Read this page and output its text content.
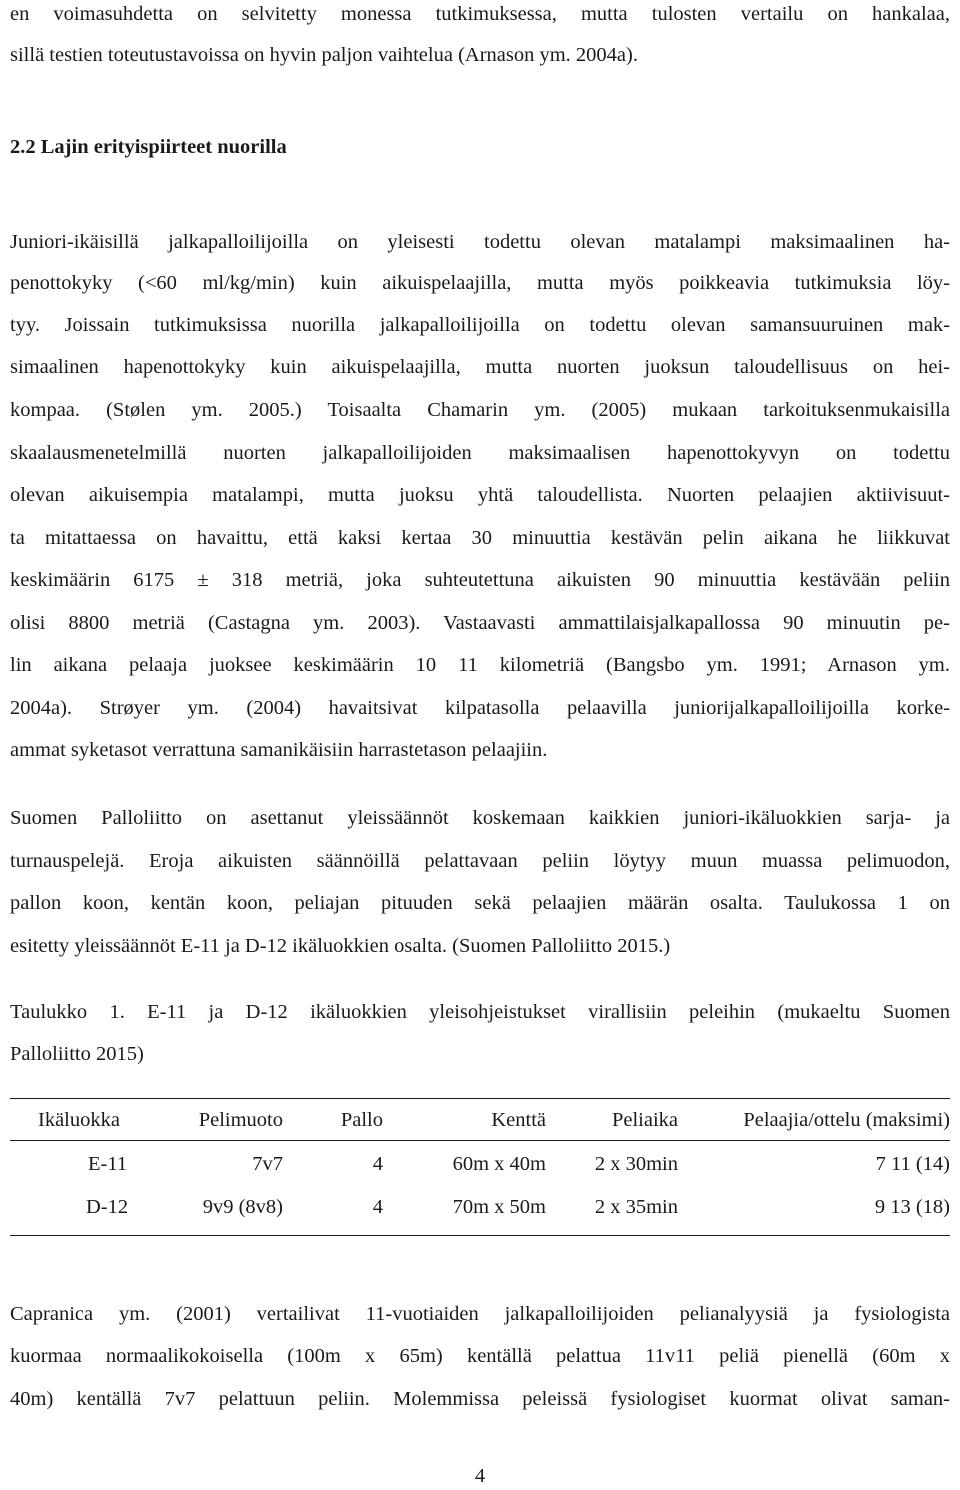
en voimasuhdetta on selvitetty monessa tutkimuksessa, mutta tulosten vertailu on hankalaa,
sillä testien toteutustavoissa on hyvin paljon vaihtelua (Arnason ym. 2004a).
2.2 Lajin erityispiirteet nuorilla
Juniori-ikäisillä jalkapalloilijoilla on yleisesti todettu olevan matalampi maksimaalinen ha-
penottokyky (<60 ml/kg/min) kuin aikuispelaajilla, mutta myös poikkeavia tutkimuksia löy-
tyy. Joissain tutkimuksissa nuorilla jalkapalloilijoilla on todettu olevan samansuuruinen mak-
simaalinen hapenottokyky kuin aikuispelaajilla, mutta nuorten juoksun taloudellisuus on hei-
kompaa. (Stølen ym. 2005.) Toisaalta Chamarin ym. (2005) mukaan tarkoituksenmukaisilla
skaalausmenetelmillä nuorten jalkapalloilijoiden maksimaalisen hapenottokyvyn on todettu
olevan aikuisempia matalampi, mutta juoksu yhtä taloudellista. Nuorten pelaajien aktiivisuut-
ta mitattaessa on havaittu, että kaksi kertaa 30 minuuttia kestävän pelin aikana he liikkuvat
keskimäärin 6175 ± 318 metriä, joka suhteutettuna aikuisten 90 minuuttia kestävään peliin
olisi 8800 metriä (Castagna ym. 2003). Vastaavasti ammattilaisjalkapallossa 90 minuutin pe-
lin aikana pelaaja juoksee keskimäärin 10 11 kilometriä (Bangsbo ym. 1991; Arnason ym.
2004a). Strøyer ym. (2004) havaitsivat kilpatasolla pelaavilla juniorijalkapalloilijoilla korke-
ammat syketasot verrattuna samanikäisiin harrastetason pelaajiin.
Suomen Palloliitto on asettanut yleissäännöt koskemaan kaikkien juniori-ikäluokkien sarja- ja
turnauspelejä. Eroja aikuisten säännöillä pelattavaan peliin löytyy muun muassa pelimuodon,
pallon koon, kentän koon, peliajan pituuden sekä pelaajien määrän osalta. Taulukossa 1 on
esitetty yleissäännöt E-11 ja D-12 ikäluokkien osalta. (Suomen Palloliitto 2015.)
Taulukko 1. E-11 ja D-12 ikäluokkien yleisohjeistukset virallisiin peleihin (mukaeltu Suomen
Palloliitto 2015)
Ikäluokka	Pelimuoto	Pallo	Kenttä	Peliaika	Pelaajia/ottelu (maksimi)
E-11	7v7	4	60m x 40m	2 x 30min	7 11 (14)
D-12	9v9 (8v8)	4	70m x 50m	2 x 35min	9 13 (18)
Capranica ym. (2001) vertailivat 11-vuotiaiden jalkapalloilijoiden pelianalyysiä ja fysiologista
kuormaa normaalikokoisella (100m x 65m) kentällä pelattua 11v11 peliä pienellä (60m x
40m) kentällä 7v7 pelattuun peliin. Molemmissa peleissä fysiologiset kuormat olivat saman-
4
